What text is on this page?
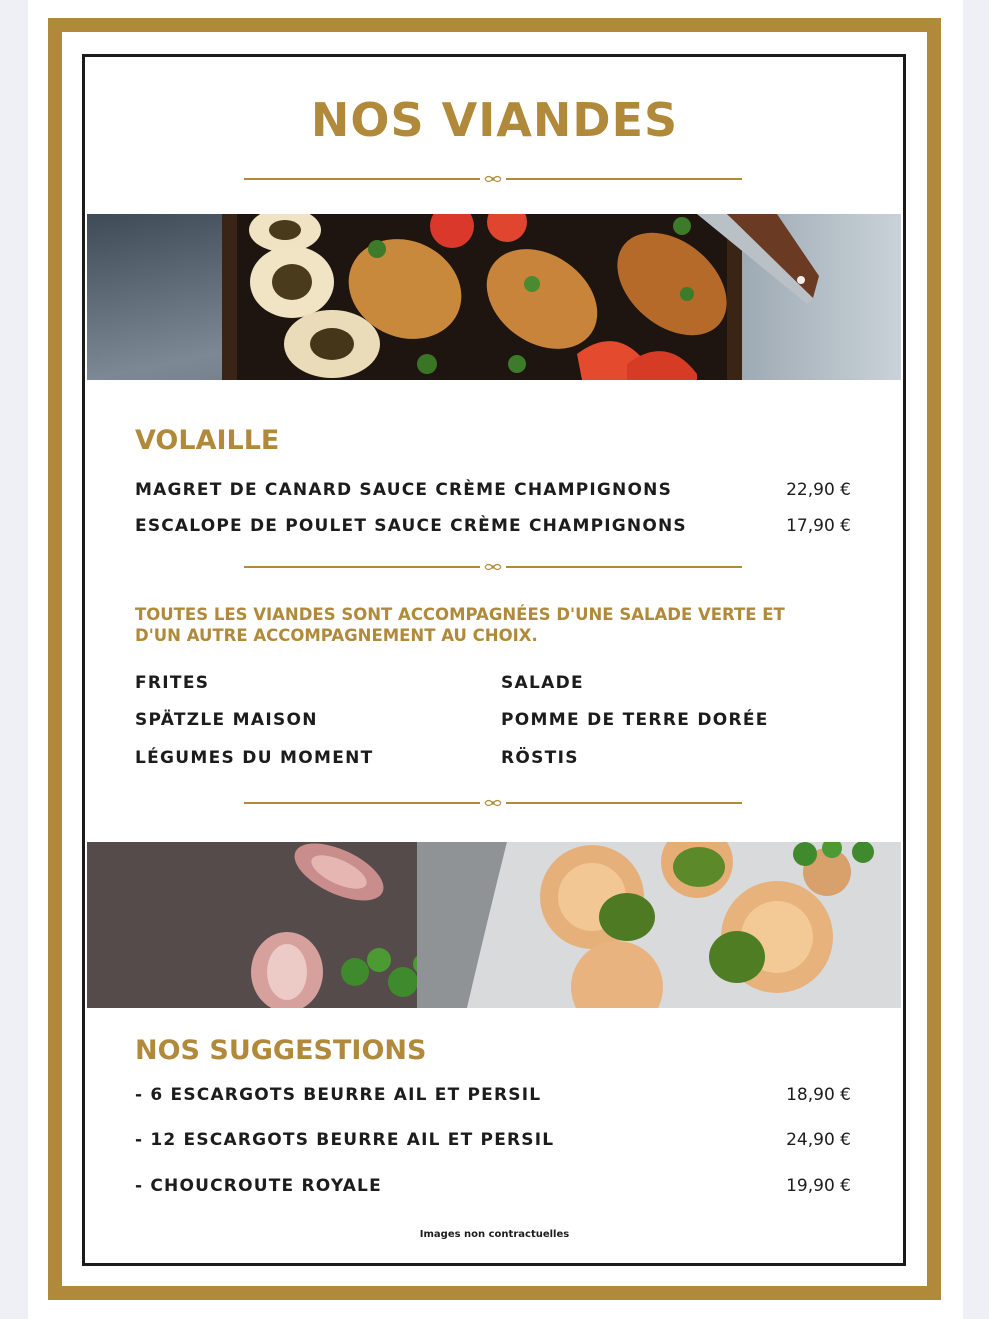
NOS VIANDES
VOLAILLE
MAGRET DE CANARD SAUCE CRÈME CHAMPIGNONS	22,90 €
ESCALOPE DE POULET SAUCE CRÈME CHAMPIGNONS	17,90 €
TOUTES LES VIANDES SONT ACCOMPAGNÉES D'UNE SALADE VERTE ET D'UN AUTRE ACCOMPAGNEMENT AU CHOIX.
FRITES	SALADE
SPÄTZLE MAISON	POMME DE TERRE DORÉE
LÉGUMES DU MOMENT	RÖSTIS
NOS SUGGESTIONS
- 6 ESCARGOTS BEURRE AIL ET PERSIL	18,90 €
- 12 ESCARGOTS BEURRE AIL ET PERSIL	24,90 €
- CHOUCROUTE ROYALE	19,90 €
Images non contractuelles
